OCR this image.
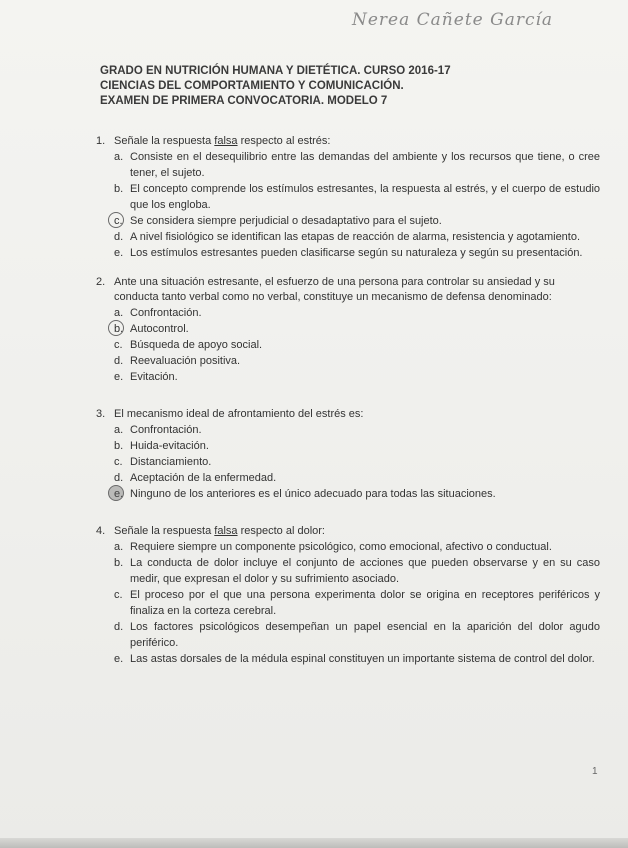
Nerea Cañete García
GRADO EN NUTRICIÓN HUMANA Y DIETÉTICA. CURSO 2016-17
CIENCIAS DEL COMPORTAMIENTO Y COMUNICACIÓN.
EXAMEN DE PRIMERA CONVOCATORIA. MODELO 7
1. Señale la respuesta falsa respecto al estrés:
a. Consiste en el desequilibrio entre las demandas del ambiente y los recursos que tiene, o cree tener, el sujeto.
b. El concepto comprende los estímulos estresantes, la respuesta al estrés, y el cuerpo de estudio que los engloba.
c. Se considera siempre perjudicial o desadaptativo para el sujeto.
d. A nivel fisiológico se identifican las etapas de reacción de alarma, resistencia y agotamiento.
e. Los estímulos estresantes pueden clasificarse según su naturaleza y según su presentación.
2. Ante una situación estresante, el esfuerzo de una persona para controlar su ansiedad y su conducta tanto verbal como no verbal, constituye un mecanismo de defensa denominado:
a. Confrontación.
b. Autocontrol.
c. Búsqueda de apoyo social.
d. Reevaluación positiva.
e. Evitación.
3. El mecanismo ideal de afrontamiento del estrés es:
a. Confrontación.
b. Huida-evitación.
c. Distanciamiento.
d. Aceptación de la enfermedad.
e. Ninguno de los anteriores es el único adecuado para todas las situaciones.
4. Señale la respuesta falsa respecto al dolor:
a. Requiere siempre un componente psicológico, como emocional, afectivo o conductual.
b. La conducta de dolor incluye el conjunto de acciones que pueden observarse y en su caso medir, que expresan el dolor y su sufrimiento asociado.
c. El proceso por el que una persona experimenta dolor se origina en receptores periféricos y finaliza en la corteza cerebral.
d. Los factores psicológicos desempeñan un papel esencial en la aparición del dolor agudo periférico.
e. Las astas dorsales de la médula espinal constituyen un importante sistema de control del dolor.
1
